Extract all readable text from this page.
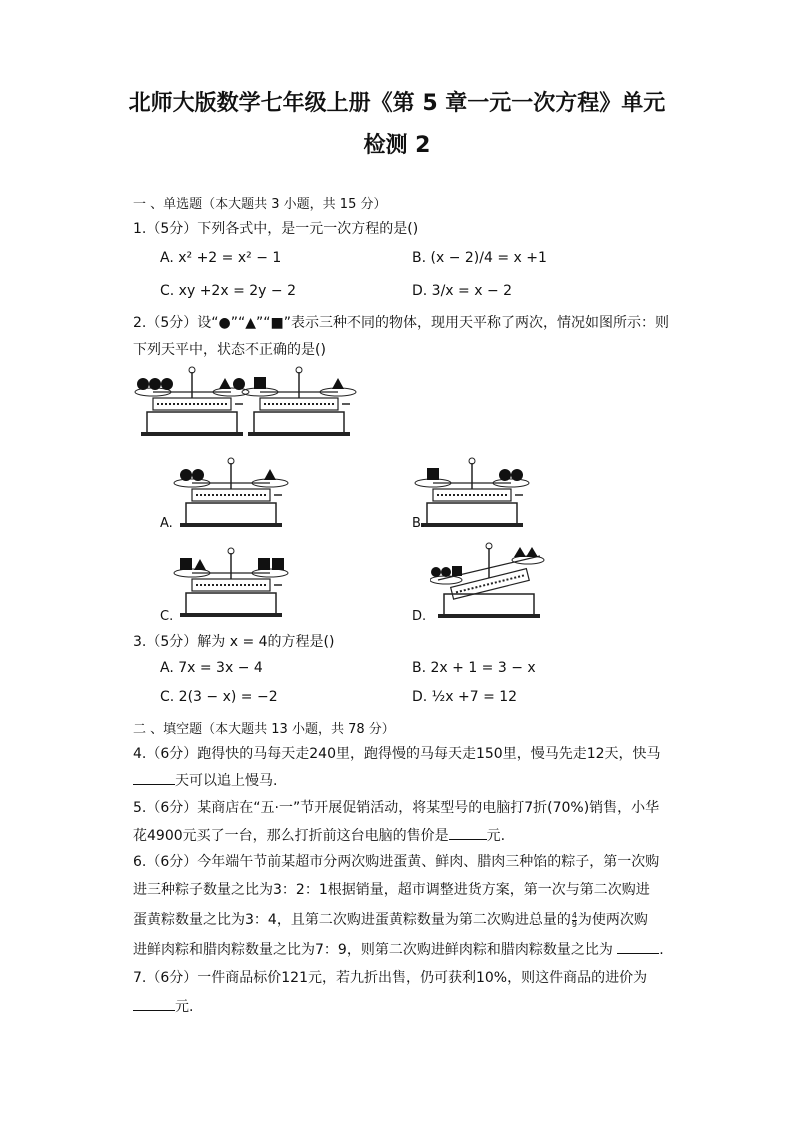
北师大版数学七年级上册《第 5 章一元一次方程》单元
检测 2
一 、单选题（本大题共 3 小题，共 15 分）
1.（5分）下列各式中，是一元一次方程的是()
A. x² +2 = x² − 1	B. (x − 2)/4 = x +1
C. xy +2x = 2y − 2	D. 3/x = x − 2
2.（5分）设“●”“▲”“■”表示三种不同的物体，现用天平称了两次，情况如图所示：则
下列天平中，状态不正确的是()
A.	B.
C.	D.
3.（5分）解为 x = 4的方程是()
A. 7x = 3x − 4	B. 2x + 1 = 3 − x
C. 2(3 − x) = −2	D. ½x +7 = 12
二 、填空题（本大题共 13 小题，共 78 分）
4.（6分）跑得快的马每天走240里，跑得慢的马每天走150里，慢马先走12天，快马
天可以追上慢马.
5.（6分）某商店在“五·一”节开展促销活动，将某型号的电脑打7折(70%)销售，小华
花4900元买了一台，那么打折前这台电脑的售价是	元.
6.（6分）今年端午节前某超市分两次购进蛋黄、鲜肉、腊肉三种馅的粽子，第一次购
进三种粽子数量之比为3：2：1根据销量，超市调整进货方案，第一次与第二次购进
蛋黄粽数量之比为3：4，且第二次购进蛋黄粽数量为第二次购进总量的 $\frac{4}{9}$ 为使两次购
进鲜肉粽和腊肉粽数量之比为7：9，则第二次购进鲜肉粽和腊肉粽数量之比为	.
7.（6分）一件商品标价121元，若九折出售，仍可获利10%，则这件商品的进价为
元.
